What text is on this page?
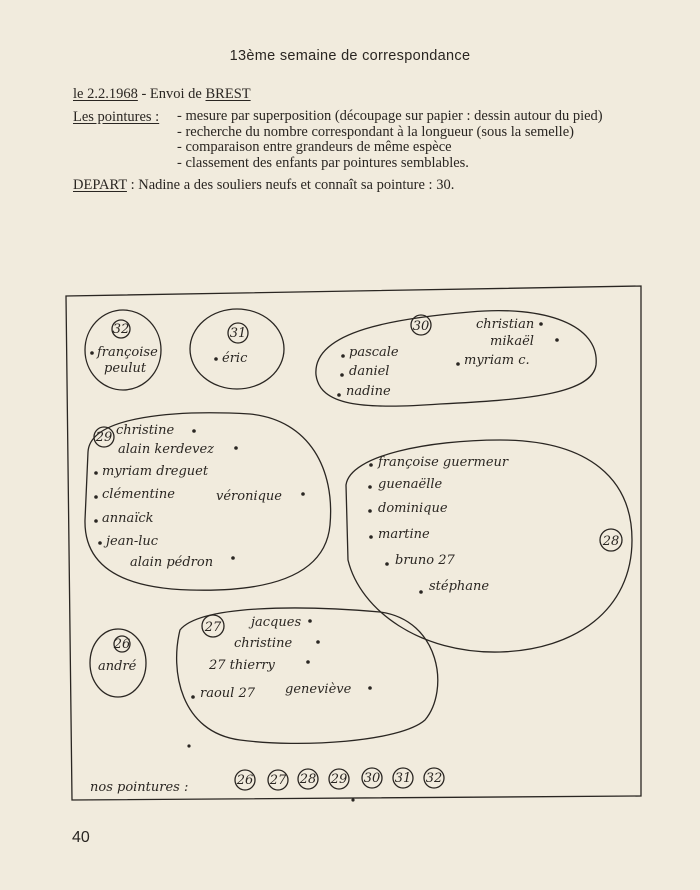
13ème semaine de correspondance
le 2.2.1968 - Envoi de BREST
Les pointures : - mesure par superposition (découpage sur papier : dessin autour du pied)
- recherche du nombre correspondant à la longueur (sous la semelle)
- comparaison entre grandeurs de même espèce
- classement des enfants par pointures semblables.
DEPART : Nadine a des souliers neufs et connaît sa pointure : 30.
32
françoise
peulut
31
éric
30	christian
mikaël
pascale
myriam c.
daniel
nadine
29 christine
alain kerdevez
myriam dreguet
clémentine	véronique
annaïck
jean-luc
alain pédron
28
françoise guermeur
guenaëlle
dominique
martine
bruno 27
stéphane
26
andré
27 jacques
christine
27 thierry
raoul 27 geneviève
nos pointures :	26 27 28 29 30 31 32
40
